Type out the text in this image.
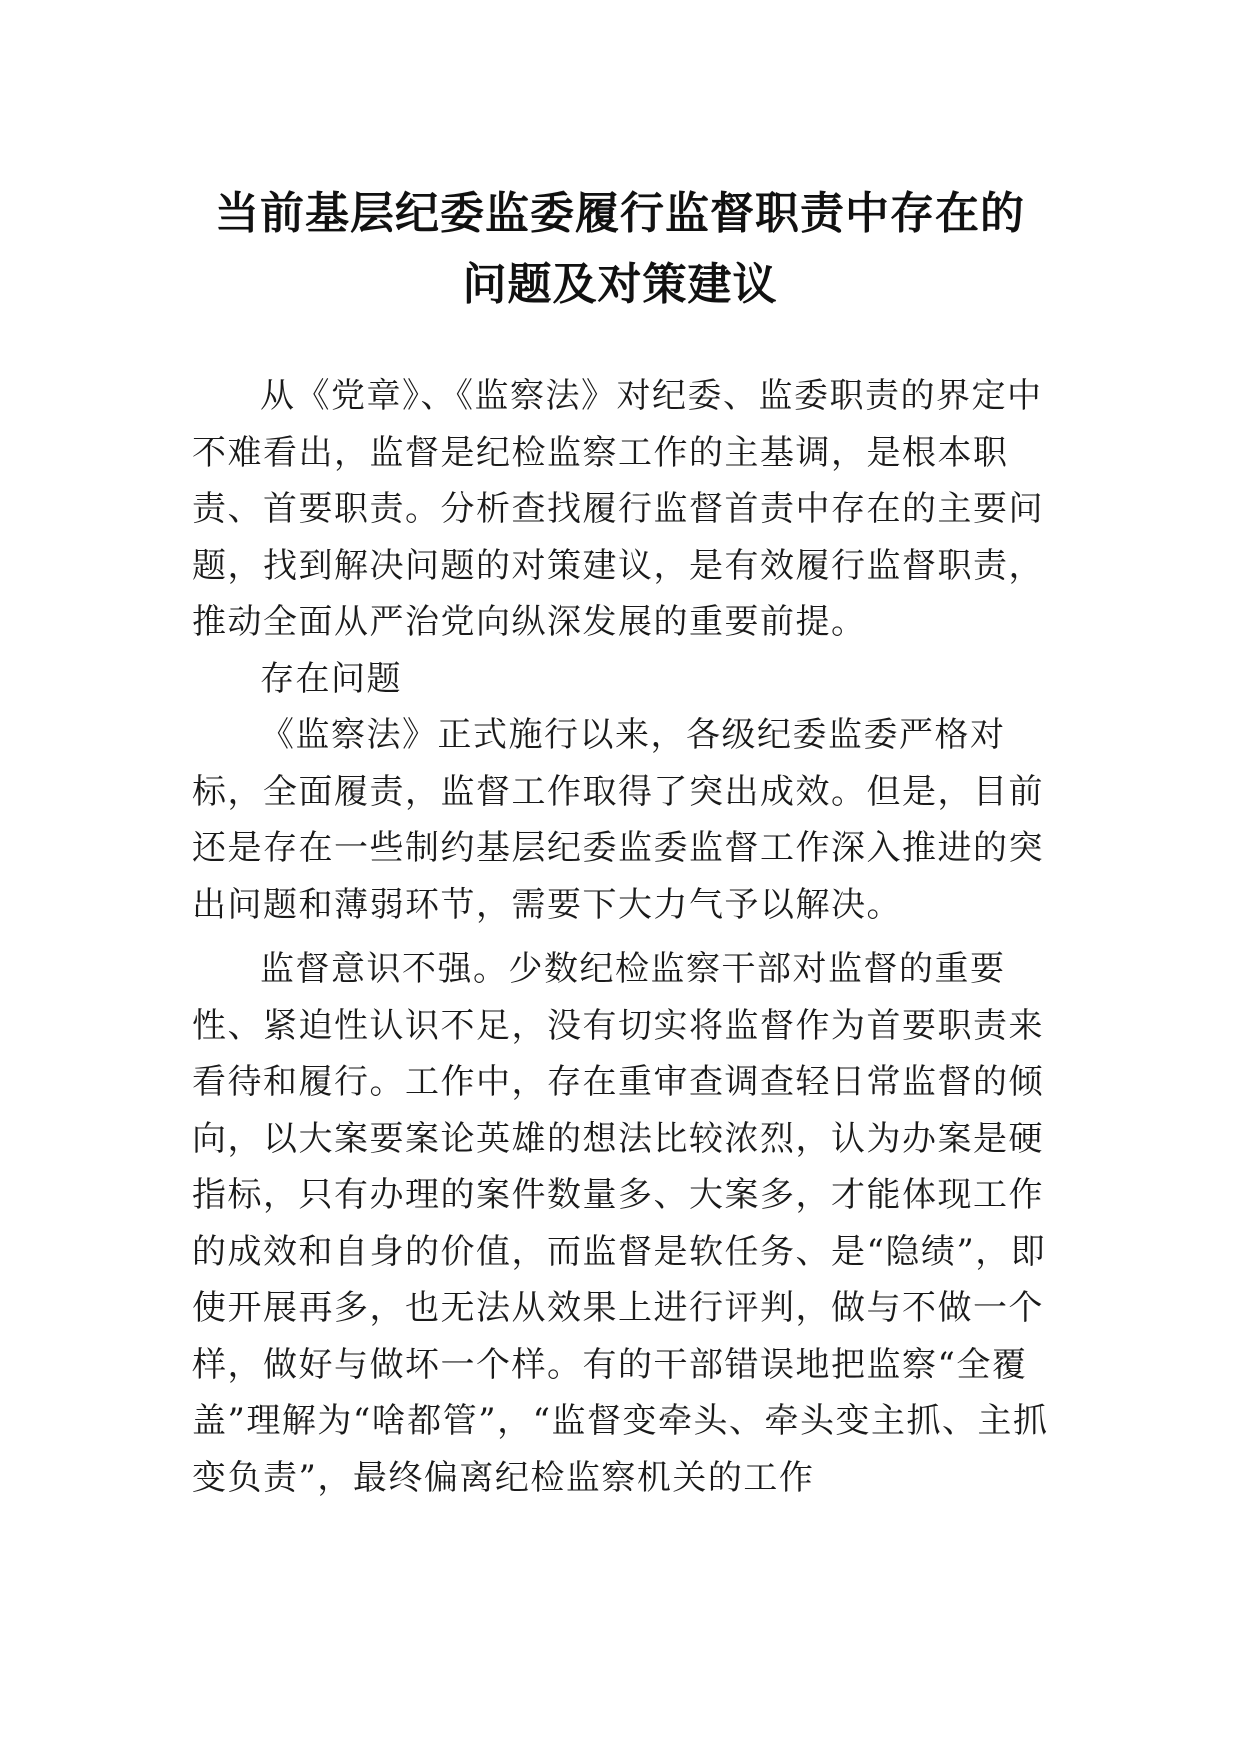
当前基层纪委监委履行监督职责中存在的
问题及对策建议

从《党章》、《监察法》对纪委、监委职责的界定中不难看出，监督是纪检监察工作的主基调，是根本职责、首要职责。分析查找履行监督首责中存在的主要问题，找到解决问题的对策建议，是有效履行监督职责，推动全面从严治党向纵深发展的重要前提。

存在问题

《监察法》正式施行以来，各级纪委监委严格对标，全面履责，监督工作取得了突出成效。但是，目前还是存在一些制约基层纪委监委监督工作深入推进的突出问题和薄弱环节，需要下大力气予以解决。

监督意识不强。少数纪检监察干部对监督的重要性、紧迫性认识不足，没有切实将监督作为首要职责来看待和履行。工作中，存在重审查调查轻日常监督的倾向，以大案要案论英雄的想法比较浓烈，认为办案是硬指标，只有办理的案件数量多、大案多，才能体现工作的成效和自身的价值，而监督是软任务、是“隐绩”，即使开展再多，也无法从效果上进行评判，做与不做一个样，做好与做坏一个样。有的干部错误地把监察“全覆盖”理解为“啥都管”，“监督变牵头、牵头变主抓、主抓变负责”，最终偏离纪检监察机关的工作
